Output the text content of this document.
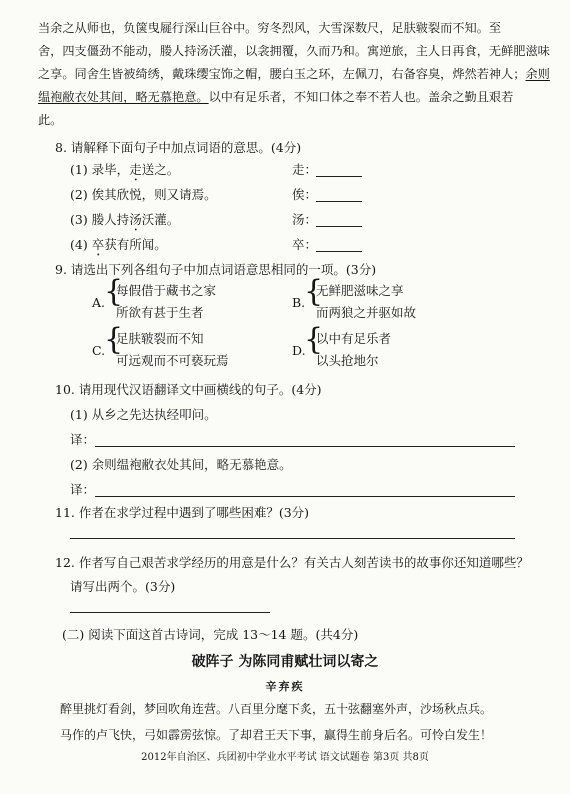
当余之从师也，负箧曳屣行深山巨谷中。穷冬烈风，大雪深数尺，足肤皲裂而不知。至
舍，四支僵劲不能动，媵人持汤沃灌，以衾拥覆，久而乃和。寓逆旅，主人日再食，无鲜肥滋味
之享。同舍生皆被绮绣，戴珠缨宝饰之帽，腰白玉之环，左佩刀，右备容臭，烨然若神人；余则
缊袍敝衣处其间，略无慕艳意。以中有足乐者，不知口体之奉不若人也。盖余之勤且艰若
此。
8. 请解释下面句子中加点词语的意思。(4分)
(1) 录毕，走送之。	走：
(2) 俟其欣悦，则又请焉。	俟：
(3) 媵人持汤沃灌。	汤：
(4) 卒获有所闻。	卒：
9. 请选出下列各组句子中加点词语意思相同的一项。(3分)
A.
{
每假借于藏书之家
所欲有甚于生者
B.
{
无鲜肥滋味之享
而两狼之并驱如故
C.
{
足肤皲裂而不知
可远观而不可亵玩焉
D.
{
以中有足乐者
以头抢地尔
10. 请用现代汉语翻译文中画横线的句子。(4分)
(1) 从乡之先达执经叩问。
译：
(2) 余则缊袍敝衣处其间，略无慕艳意。
译：
11. 作者在求学过程中遇到了哪些困难？(3分)
12. 作者写自己艰苦求学经历的用意是什么？有关古人刻苦读书的故事你还知道哪些？
请写出两个。(3分)
(二) 阅读下面这首古诗词，完成 13～14 题。(共4分)
破阵子 为陈同甫赋壮词以寄之
辛弃疾
醉里挑灯看剑，梦回吹角连营。八百里分麾下炙，五十弦翻塞外声，沙场秋点兵。
马作的卢飞快，弓如霹雳弦惊。了却君王天下事，赢得生前身后名。可怜白发生！
2012年自治区、兵团初中学业水平考试 语文试题卷 第3页 共8页
